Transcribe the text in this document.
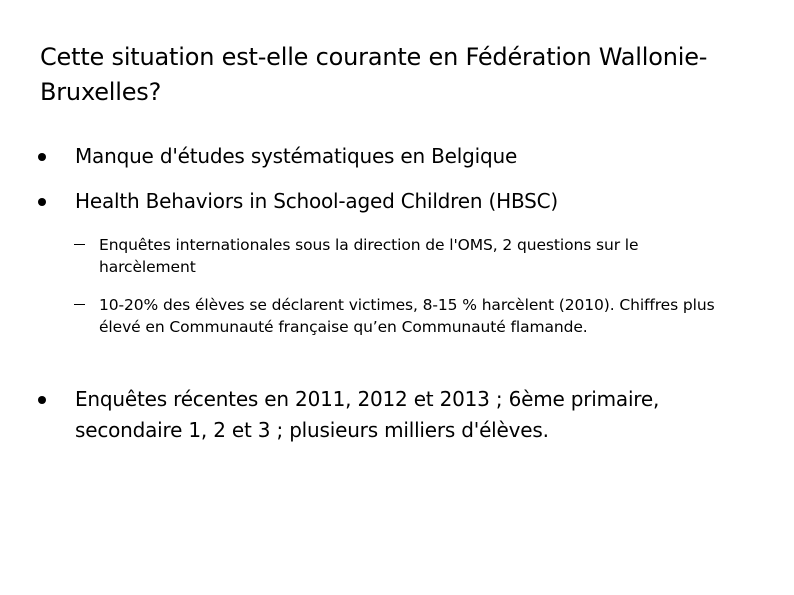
Cette situation est-elle courante en Fédération Wallonie-Bruxelles?
Manque d'études systématiques en Belgique
Health Behaviors in School-aged Children (HBSC)
Enquêtes internationales sous la direction de l'OMS, 2 questions sur le harcèlement
10-20% des élèves se déclarent victimes, 8-15 % harcèlent (2010). Chiffres plus élevé en Communauté française qu’en Communauté flamande.
Enquêtes récentes en 2011, 2012 et 2013 ; 6ème primaire, secondaire 1, 2 et 3 ; plusieurs milliers d'élèves.
